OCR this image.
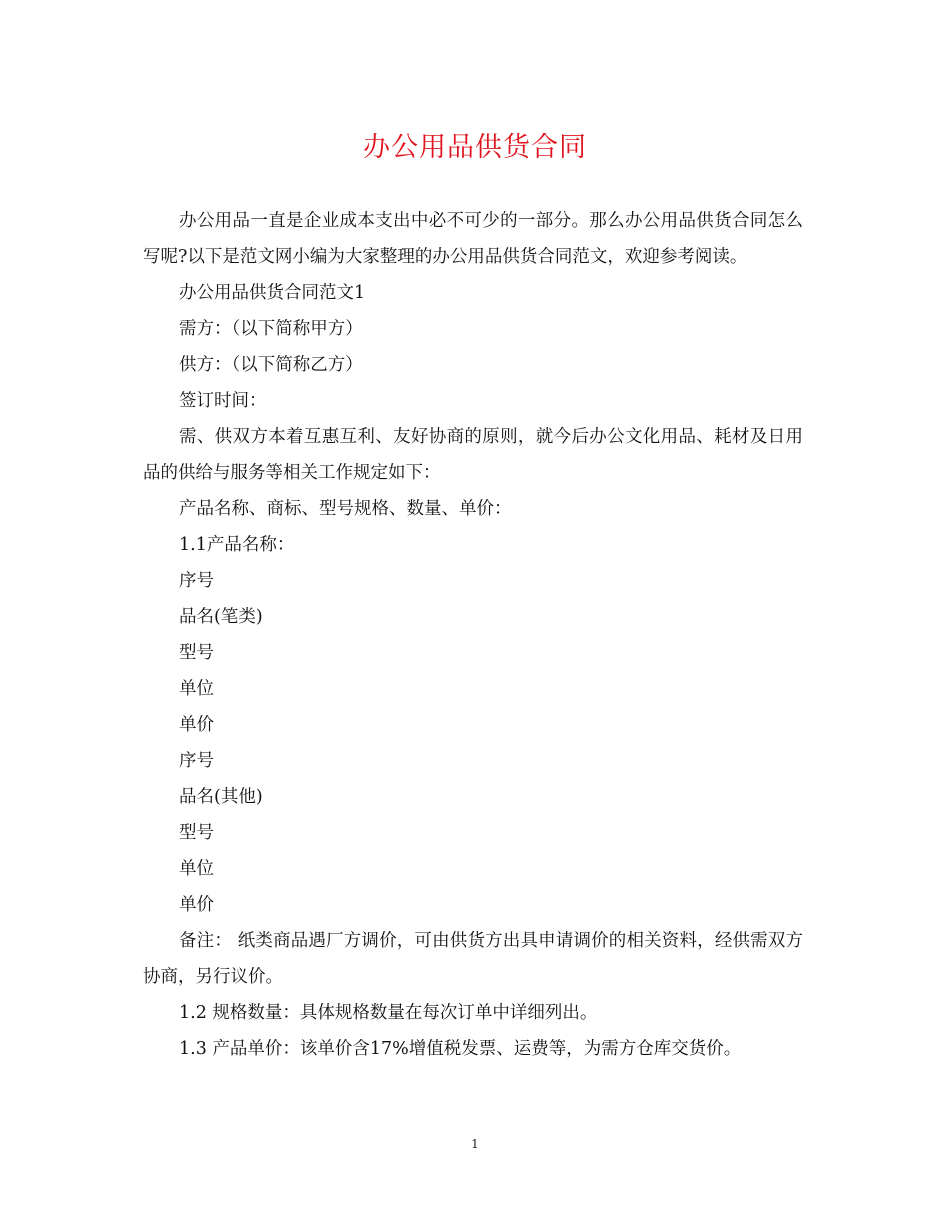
办公用品供货合同

办公用品一直是企业成本支出中必不可少的一部分。那么办公用品供货合同怎么写呢?以下是范文网小编为大家整理的办公用品供货合同范文，欢迎参考阅读。

办公用品供货合同范文1

需方：（以下简称甲方）

供方：（以下简称乙方）

签订时间：

需、供双方本着互惠互利、友好协商的原则，就今后办公文化用品、耗材及日用品的供给与服务等相关工作规定如下：

产品名称、商标、型号规格、数量、单价：

1.1产品名称：

序号

品名(笔类)

型号

单位

单价

序号

品名(其他)

型号

单位

单价

备注： 纸类商品遇厂方调价，可由供货方出具申请调价的相关资料，经供需双方协商，另行议价。

1.2 规格数量：具体规格数量在每次订单中详细列出。

1.3 产品单价：该单价含17%增值税发票、运费等，为需方仓库交货价。

1
